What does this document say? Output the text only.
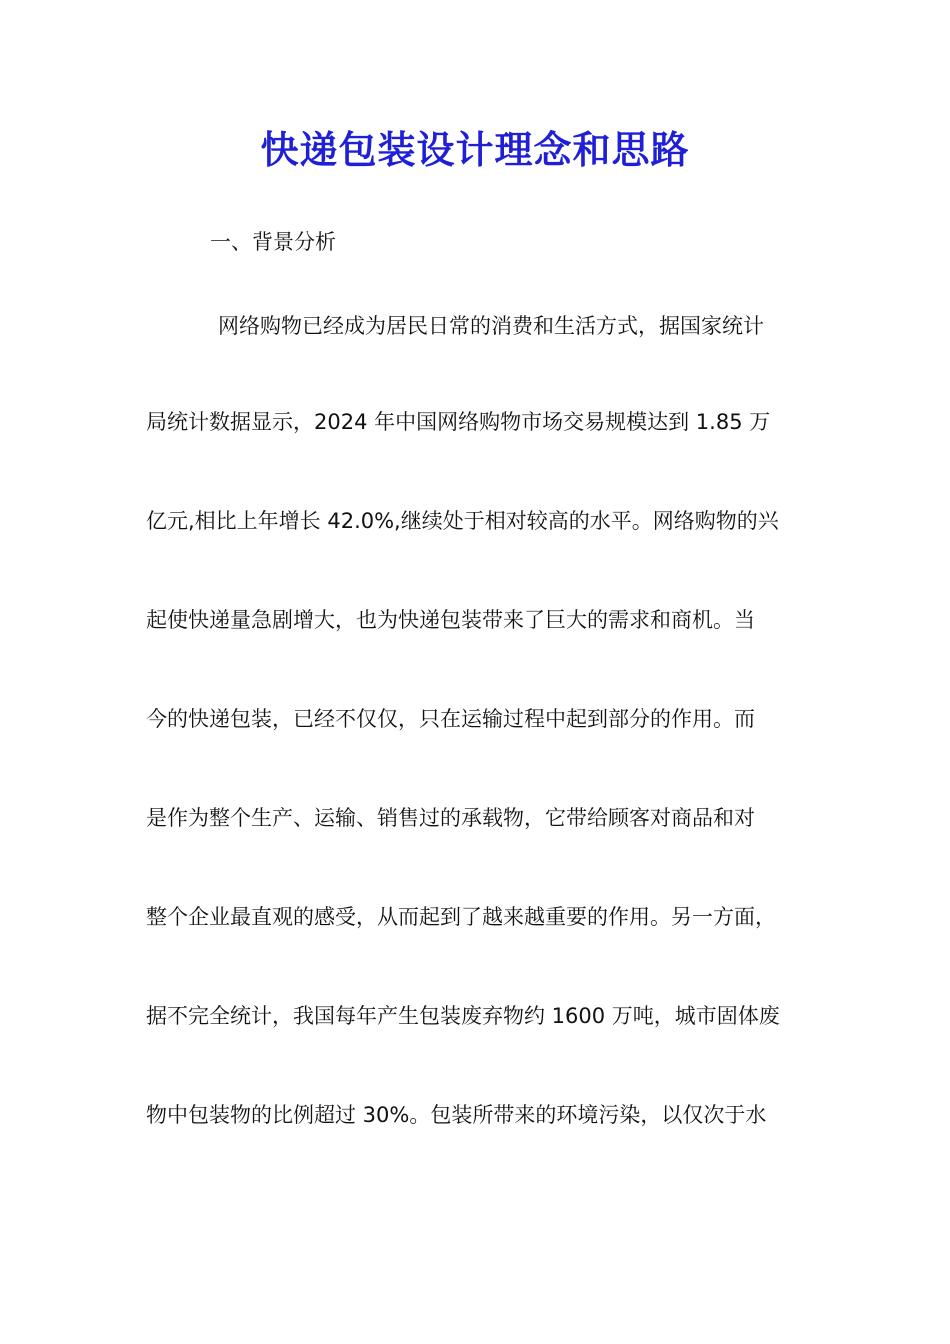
快递包装设计理念和思路
一、背景分析
网络购物已经成为居民日常的消费和生活方式，据国家统计
局统计数据显示，2024 年中国网络购物市场交易规模达到 1.85 万
亿元,相比上年增长 42.0%,继续处于相对较高的水平。网络购物的兴
起使快递量急剧增大，也为快递包装带来了巨大的需求和商机。当
今的快递包装，已经不仅仅，只在运输过程中起到部分的作用。而
是作为整个生产、运输、销售过的承载物，它带给顾客对商品和对
整个企业最直观的感受，从而起到了越来越重要的作用。另一方面，
据不完全统计，我国每年产生包装废弃物约 1600 万吨，城市固体废
物中包装物的比例超过 30%。包装所带来的环境污染，以仅次于水
